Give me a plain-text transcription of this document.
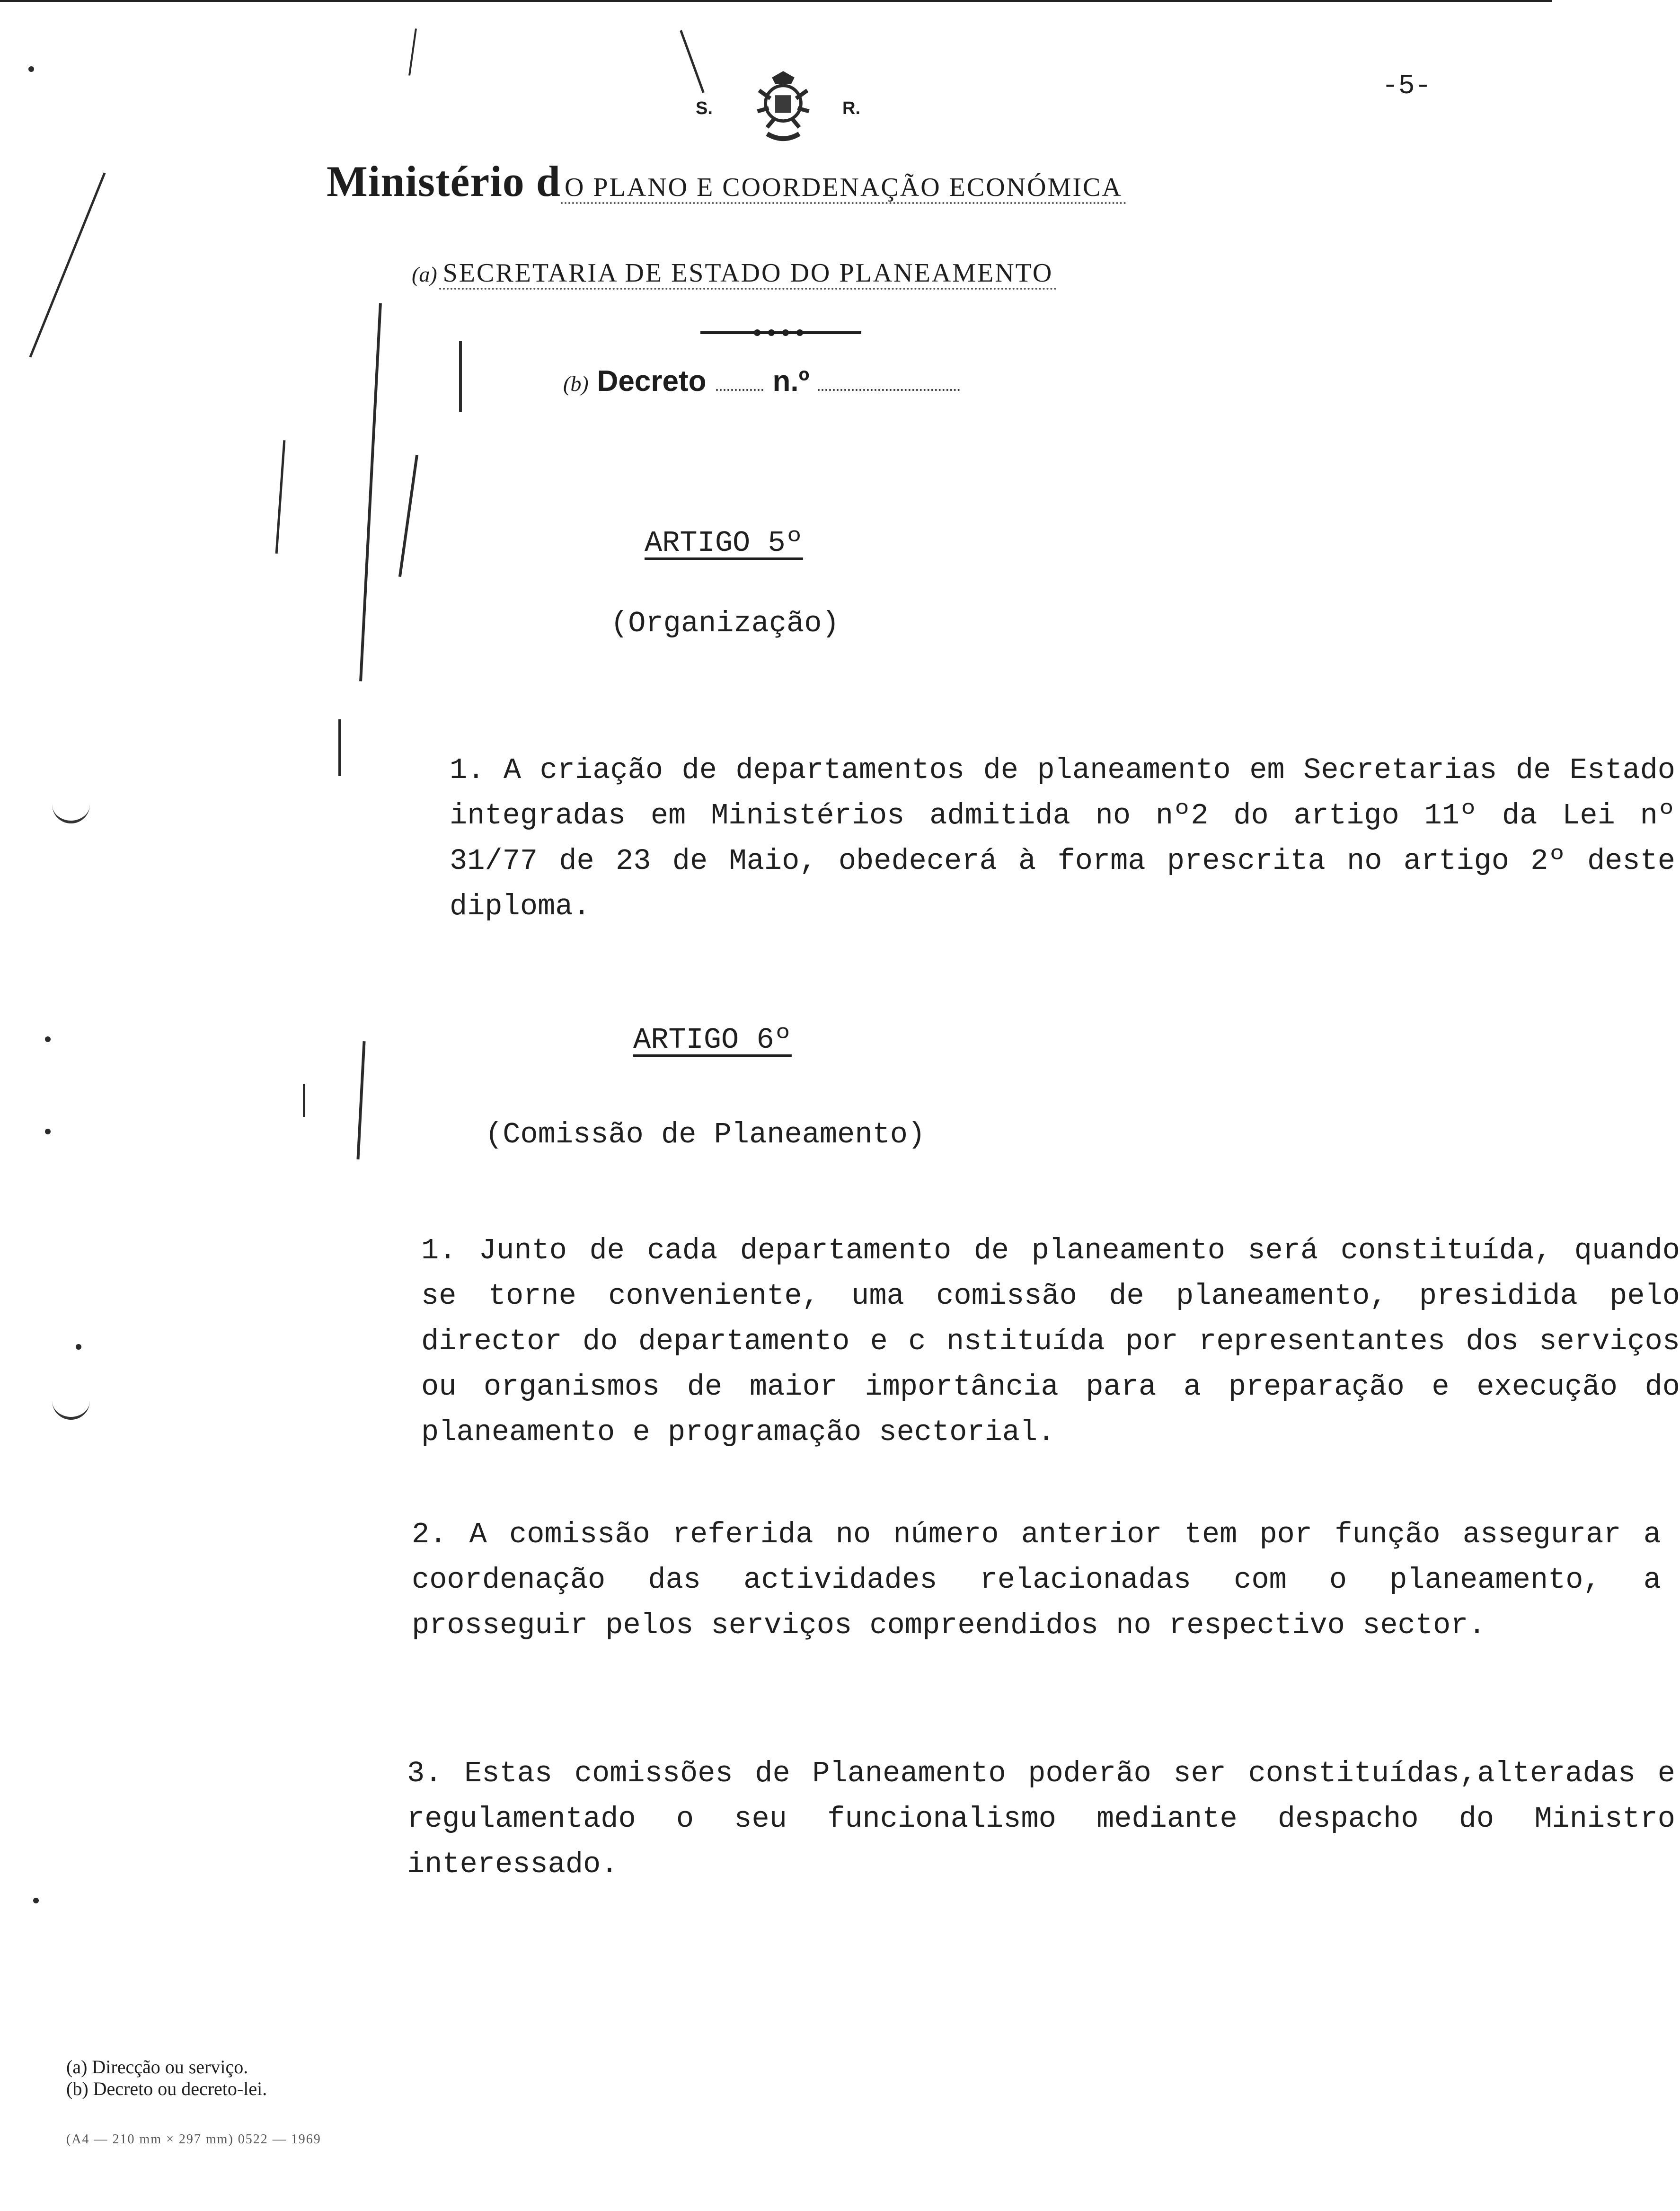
S.	R.
-5-
Ministério d O PLANO E COORDENAÇÃO ECONÓMICA
(a) SECRETARIA DE ESTADO DO PLANEAMENTO
(b) Decreto n.º
ARTIGO 5º
(Organização)
1. A criação de departamentos de planeamento em Secretarias de Estado integradas em Ministérios admitida no nº2 do artigo 11º da Lei nº 31/77 de 23 de Maio, obedecerá à forma prescrita no artigo 2º deste diploma.
ARTIGO 6º
(Comissão de Planeamento)
1. Junto de cada departamento de planeamento será constituída, quando se torne conveniente, uma comissão de planeamento, presidida pelo director do departamento e c nstituída por representantes dos serviços ou organismos de maior importância para a preparação e execução do planeamento e programação sectorial.
2. A comissão referida no número anterior tem por função assegurar a coordenação das actividades relacionadas com o planeamento, a prosseguir pelos serviços compreendidos no respectivo sector.
3. Estas comissões de Planeamento poderão ser constituídas,alteradas e regulamentado o seu funcionalismo mediante despacho do Ministro interessado.
(a) Direcção ou serviço.
(b) Decreto ou decreto-lei.
(A4 — 210 mm × 297 mm) 0522 — 1969
